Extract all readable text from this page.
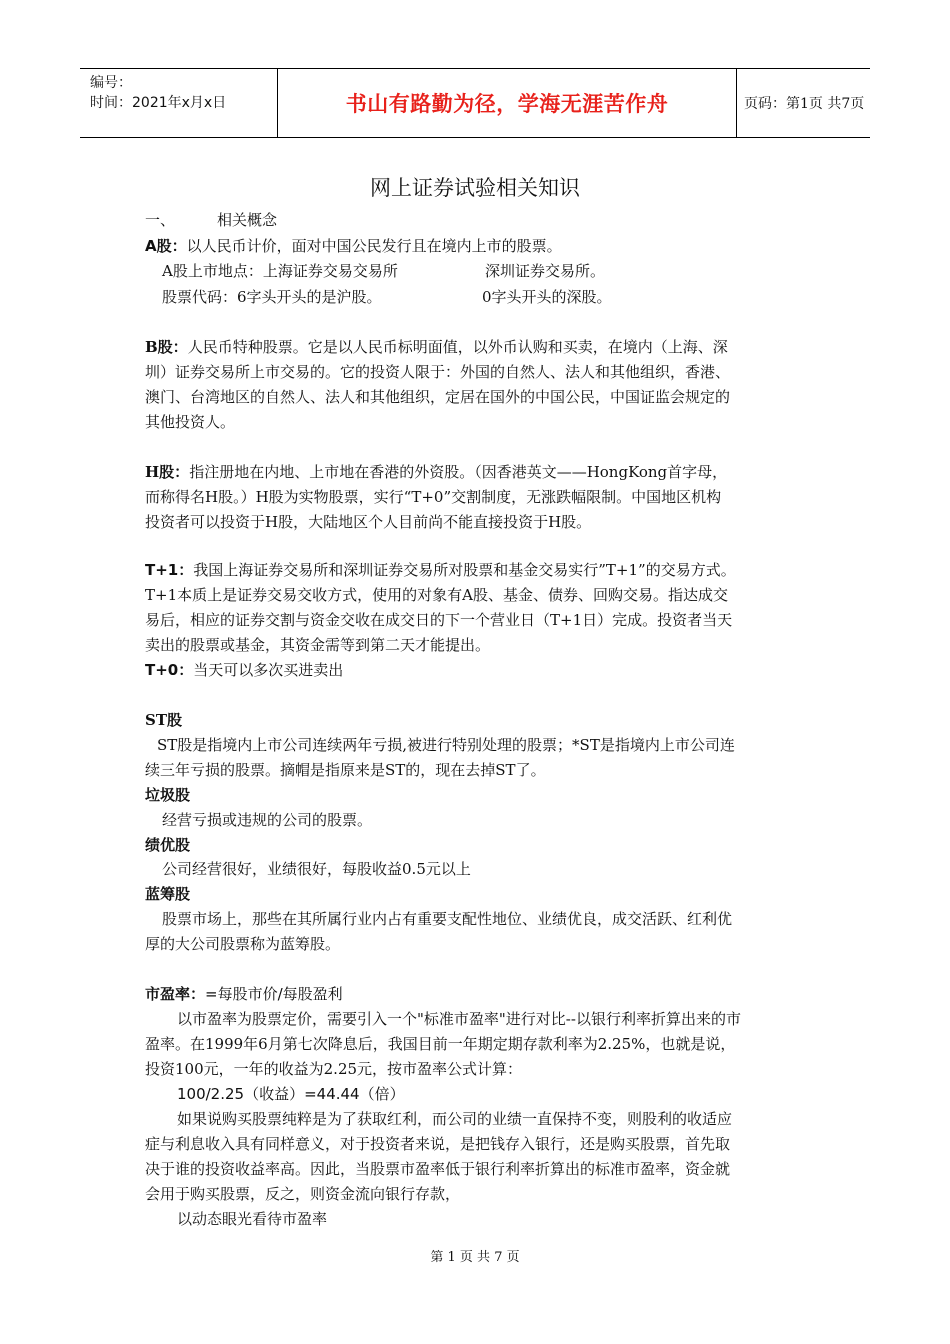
编号：
时间：2021年x月x日	书山有路勤为径，学海无涯苦作舟	页码：第1页 共7页
网上证券试验相关知识
一、	相关概念
A股：以人民币计价，面对中国公民发行且在境内上市的股票。
A股上市地点：上海证券交易交易所	深圳证券交易所。
股票代码：6字头开头的是沪股。	0字头开头的深股。
B股：人民币特种股票。它是以人民币标明面值，以外币认购和买卖，在境内（上海、深
圳）证券交易所上市交易的。它的投资人限于：外国的自然人、法人和其他组织，香港、
澳门、台湾地区的自然人、法人和其他组织，定居在国外的中国公民，中国证监会规定的
其他投资人。
H股：指注册地在内地、上市地在香港的外资股。（因香港英文——HongKong首字母，
而称得名H股。）H股为实物股票，实行“T+0”交割制度，无涨跌幅限制。中国地区机构
投资者可以投资于H股，大陆地区个人目前尚不能直接投资于H股。
T+1：我国上海证券交易所和深圳证券交易所对股票和基金交易实行”T+1”的交易方式。
T+1本质上是证券交易交收方式，使用的对象有A股、基金、债券、回购交易。指达成交
易后，相应的证券交割与资金交收在成交日的下一个营业日（T+1日）完成。投资者当天
卖出的股票或基金，其资金需等到第二天才能提出。
T+0：当天可以多次买进卖出
ST股
ST股是指境内上市公司连续两年亏损,被进行特别处理的股票；*ST是指境内上市公司连
续三年亏损的股票。摘帽是指原来是ST的，现在去掉ST了。
垃圾股
经营亏损或违规的公司的股票。
绩优股
公司经营很好，业绩很好，每股收益0.5元以上
蓝筹股
股票市场上，那些在其所属行业内占有重要支配性地位、业绩优良，成交活跃、红利优
厚的大公司股票称为蓝筹股。
市盈率：=每股市价/每股盈利
以市盈率为股票定价，需要引入一个"标准市盈率"进行对比--以银行利率折算出来的市
盈率。在1999年6月第七次降息后，我国目前一年期定期存款利率为2.25%，也就是说，
投资100元，一年的收益为2.25元，按市盈率公式计算：
100/2.25（收益）=44.44（倍）
如果说购买股票纯粹是为了获取红利，而公司的业绩一直保持不变，则股利的收适应
症与利息收入具有同样意义，对于投资者来说，是把钱存入银行，还是购买股票，首先取
决于谁的投资收益率高。因此，当股票市盈率低于银行利率折算出的标准市盈率，资金就
会用于购买股票，反之，则资金流向银行存款，
以动态眼光看待市盈率
第 1 页 共 7 页
